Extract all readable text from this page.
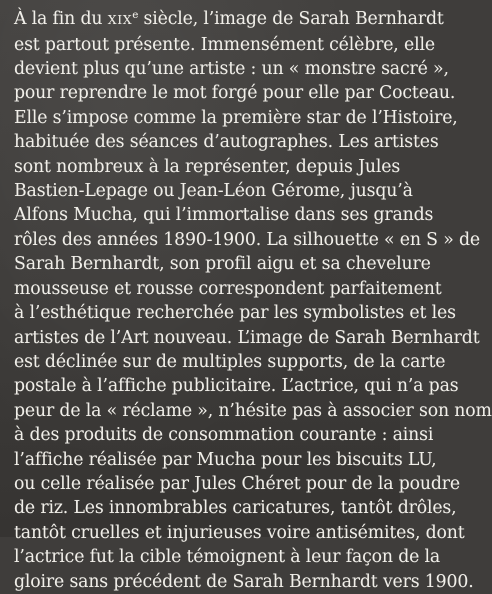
À la fin du XIXe siècle, l’image de Sarah Bernhardt
est partout présente. Immensément célèbre, elle
devient plus qu’une artiste : un « monstre sacré »,
pour reprendre le mot forgé pour elle par Cocteau.
Elle s’impose comme la première star de l’Histoire,
habituée des séances d’autographes. Les artistes
sont nombreux à la représenter, depuis Jules
Bastien-Lepage ou Jean-Léon Gérome, jusqu’à
Alfons Mucha, qui l’immortalise dans ses grands
rôles des années 1890-1900. La silhouette « en S » de
Sarah Bernhardt, son profil aigu et sa chevelure
mousseuse et rousse correspondent parfaitement
à l’esthétique recherchée par les symbolistes et les
artistes de l’Art nouveau. L’image de Sarah Bernhardt
est déclinée sur de multiples supports, de la carte
postale à l’affiche publicitaire. L’actrice, qui n’a pas
peur de la « réclame », n’hésite pas à associer son nom
à des produits de consommation courante : ainsi
l’affiche réalisée par Mucha pour les biscuits LU,
ou celle réalisée par Jules Chéret pour de la poudre
de riz. Les innombrables caricatures, tantôt drôles,
tantôt cruelles et injurieuses voire antisémites, dont
l’actrice fut la cible témoignent à leur façon de la
gloire sans précédent de Sarah Bernhardt vers 1900.
